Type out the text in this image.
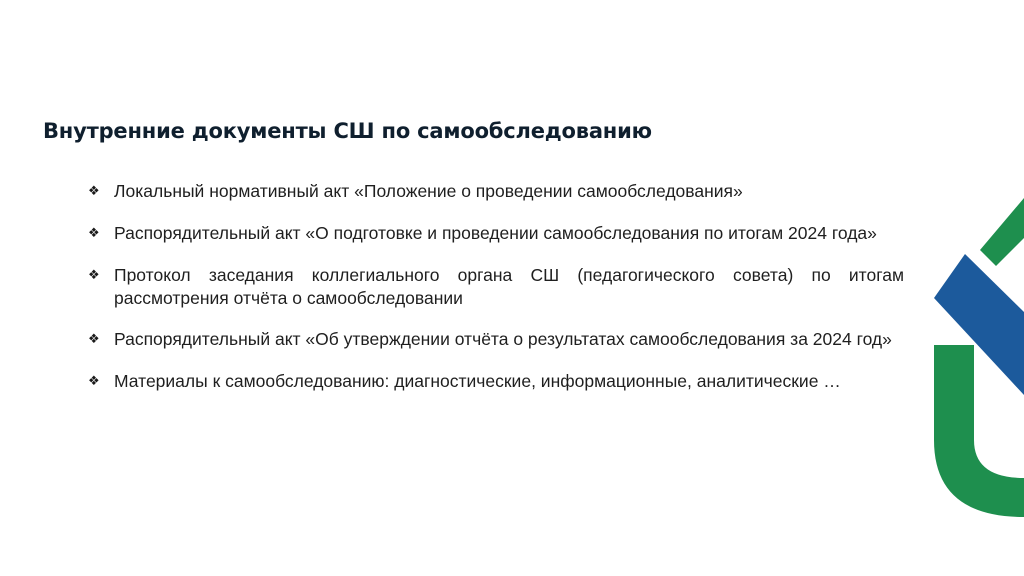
Внутренние документы СШ по самообследованию
❖ Локальный нормативный акт «Положение о проведении самообследования»
❖ Распорядительный акт «О подготовке и проведении самообследования по итогам 2024 года»
❖ Протокол заседания коллегиального органа СШ (педагогического совета) по итогам рассмотрения отчёта о самообследовании
❖ Распорядительный акт «Об утверждении отчёта о результатах самообследования за 2024 год»
❖ Материалы к самообследованию: диагностические, информационные, аналитические …
